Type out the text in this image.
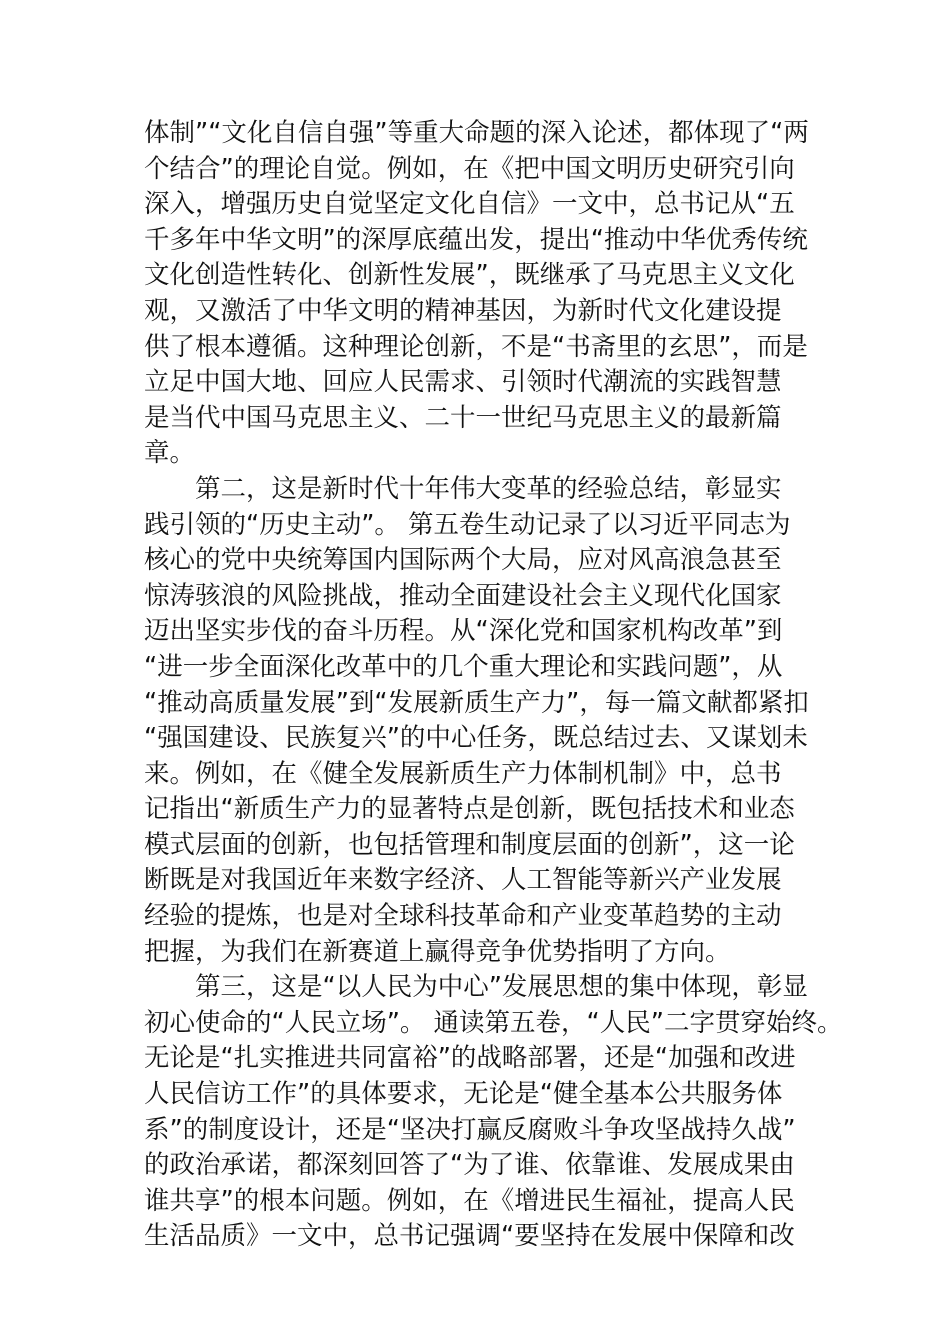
体制”“文化自信自强”等重大命题的深入论述，都体现了“两
个结合”的理论自觉。例如，在《把中国文明历史研究引向
深入，增强历史自觉坚定文化自信》一文中，总书记从“五
千多年中华文明”的深厚底蕴出发，提出“推动中华优秀传统
文化创造性转化、创新性发展”，既继承了马克思主义文化
观，又激活了中华文明的精神基因，为新时代文化建设提
供了根本遵循。这种理论创新，不是“书斋里的玄思”，而是
立足中国大地、回应人民需求、引领时代潮流的实践智慧
是当代中国马克思主义、二十一世纪马克思主义的最新篇
章。
第二，这是新时代十年伟大变革的经验总结，彰显实
践引领的“历史主动”。 第五卷生动记录了以习近平同志为
核心的党中央统筹国内国际两个大局，应对风高浪急甚至
惊涛骇浪的风险挑战，推动全面建设社会主义现代化国家
迈出坚实步伐的奋斗历程。从“深化党和国家机构改革”到
“进一步全面深化改革中的几个重大理论和实践问题”，从
“推动高质量发展”到“发展新质生产力”，每一篇文献都紧扣
“强国建设、民族复兴”的中心任务，既总结过去、又谋划未
来。例如，在《健全发展新质生产力体制机制》中，总书
记指出“新质生产力的显著特点是创新，既包括技术和业态
模式层面的创新，也包括管理和制度层面的创新”，这一论
断既是对我国近年来数字经济、人工智能等新兴产业发展
经验的提炼，也是对全球科技革命和产业变革趋势的主动
把握，为我们在新赛道上赢得竞争优势指明了方向。
第三，这是“以人民为中心”发展思想的集中体现，彰显
初心使命的“人民立场”。 通读第五卷，“人民”二字贯穿始终。
无论是“扎实推进共同富裕”的战略部署，还是“加强和改进
人民信访工作”的具体要求，无论是“健全基本公共服务体
系”的制度设计，还是“坚决打赢反腐败斗争攻坚战持久战”
的政治承诺，都深刻回答了“为了谁、依靠谁、发展成果由
谁共享”的根本问题。例如，在《增进民生福祉，提高人民
生活品质》一文中，总书记强调“要坚持在发展中保障和改
